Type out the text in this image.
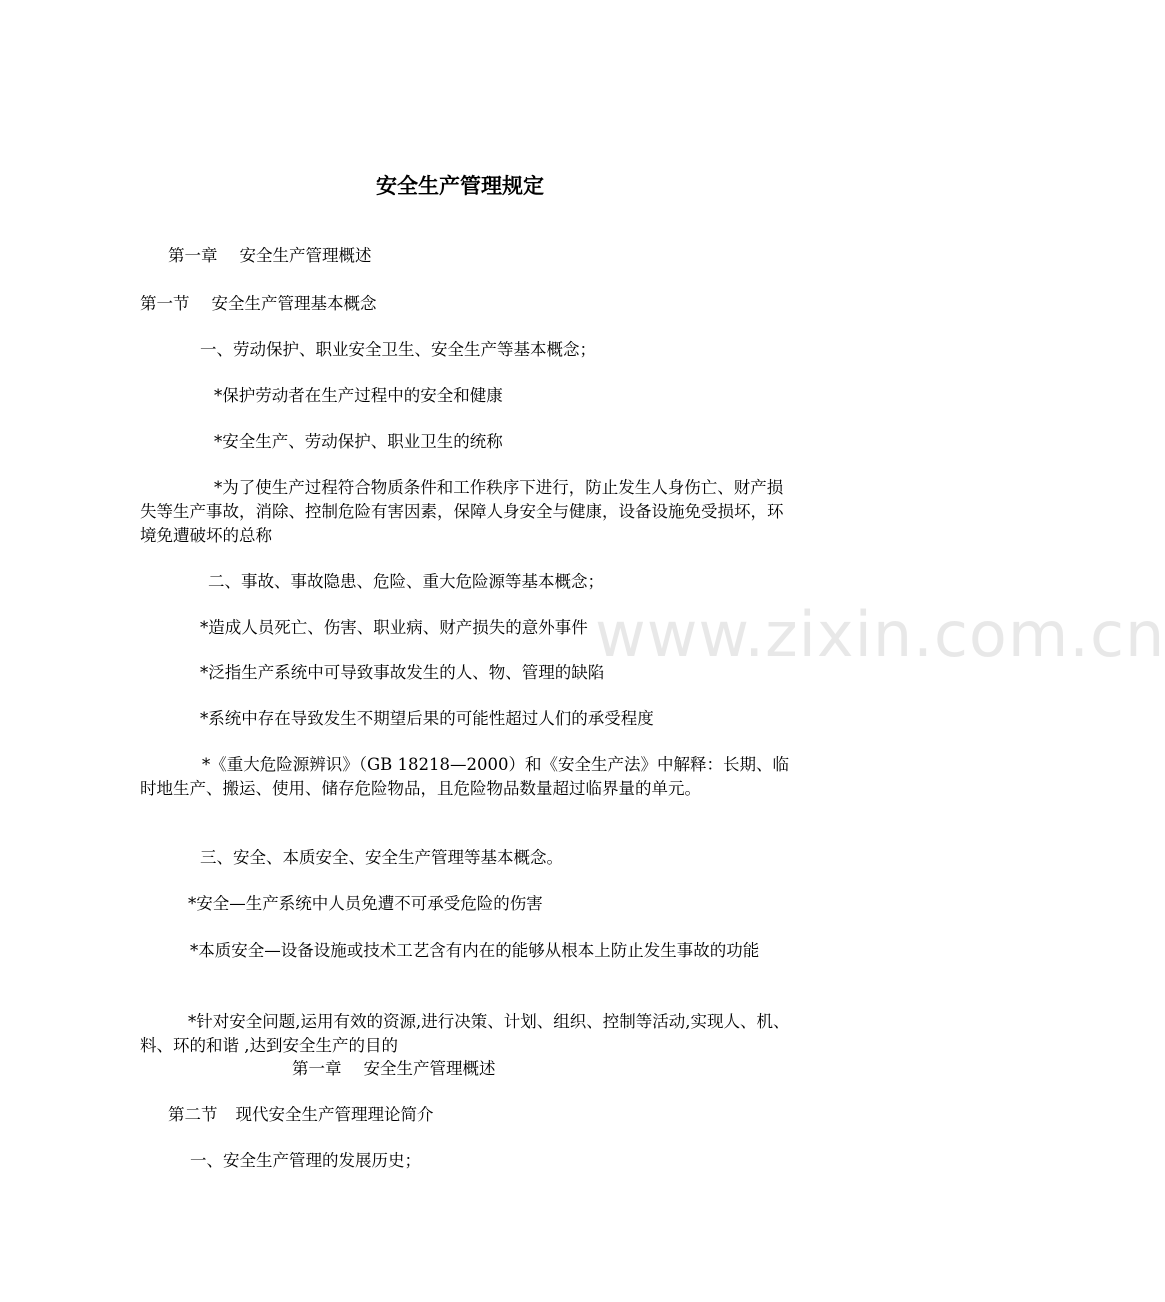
安全生产管理规定
第一章 安全生产管理概述
第一节 安全生产管理基本概念
一、劳动保护、职业安全卫生、安全生产等基本概念；
*保护劳动者在生产过程中的安全和健康
*安全生产、劳动保护、职业卫生的统称
*为了使生产过程符合物质条件和工作秩序下进行，防止发生人身伤亡、财产损失等生产事故，消除、控制危险有害因素，保障人身安全与健康，设备设施免受损坏，环境免遭破坏的总称
二、事故、事故隐患、危险、重大危险源等基本概念；
*造成人员死亡、伤害、职业病、财产损失的意外事件
*泛指生产系统中可导致事故发生的人、物、管理的缺陷
*系统中存在导致发生不期望后果的可能性超过人们的承受程度
*《重大危险源辨识》（GB 18218—2000）和《安全生产法》中解释：长期、临时地生产、搬运、使用、储存危险物品，且危险物品数量超过临界量的单元。
三、安全、本质安全、安全生产管理等基本概念。
*安全—生产系统中人员免遭不可承受危险的伤害
*本质安全—设备设施或技术工艺含有内在的能够从根本上防止发生事故的功能
*针对安全问题,运用有效的资源,进行决策、计划、组织、控制等活动,实现人、机、料、环的和谐 ,达到安全生产的目的
第一章 安全生产管理概述
第二节 现代安全生产管理理论简介
一、安全生产管理的发展历史；
www.zixin.com.cn
